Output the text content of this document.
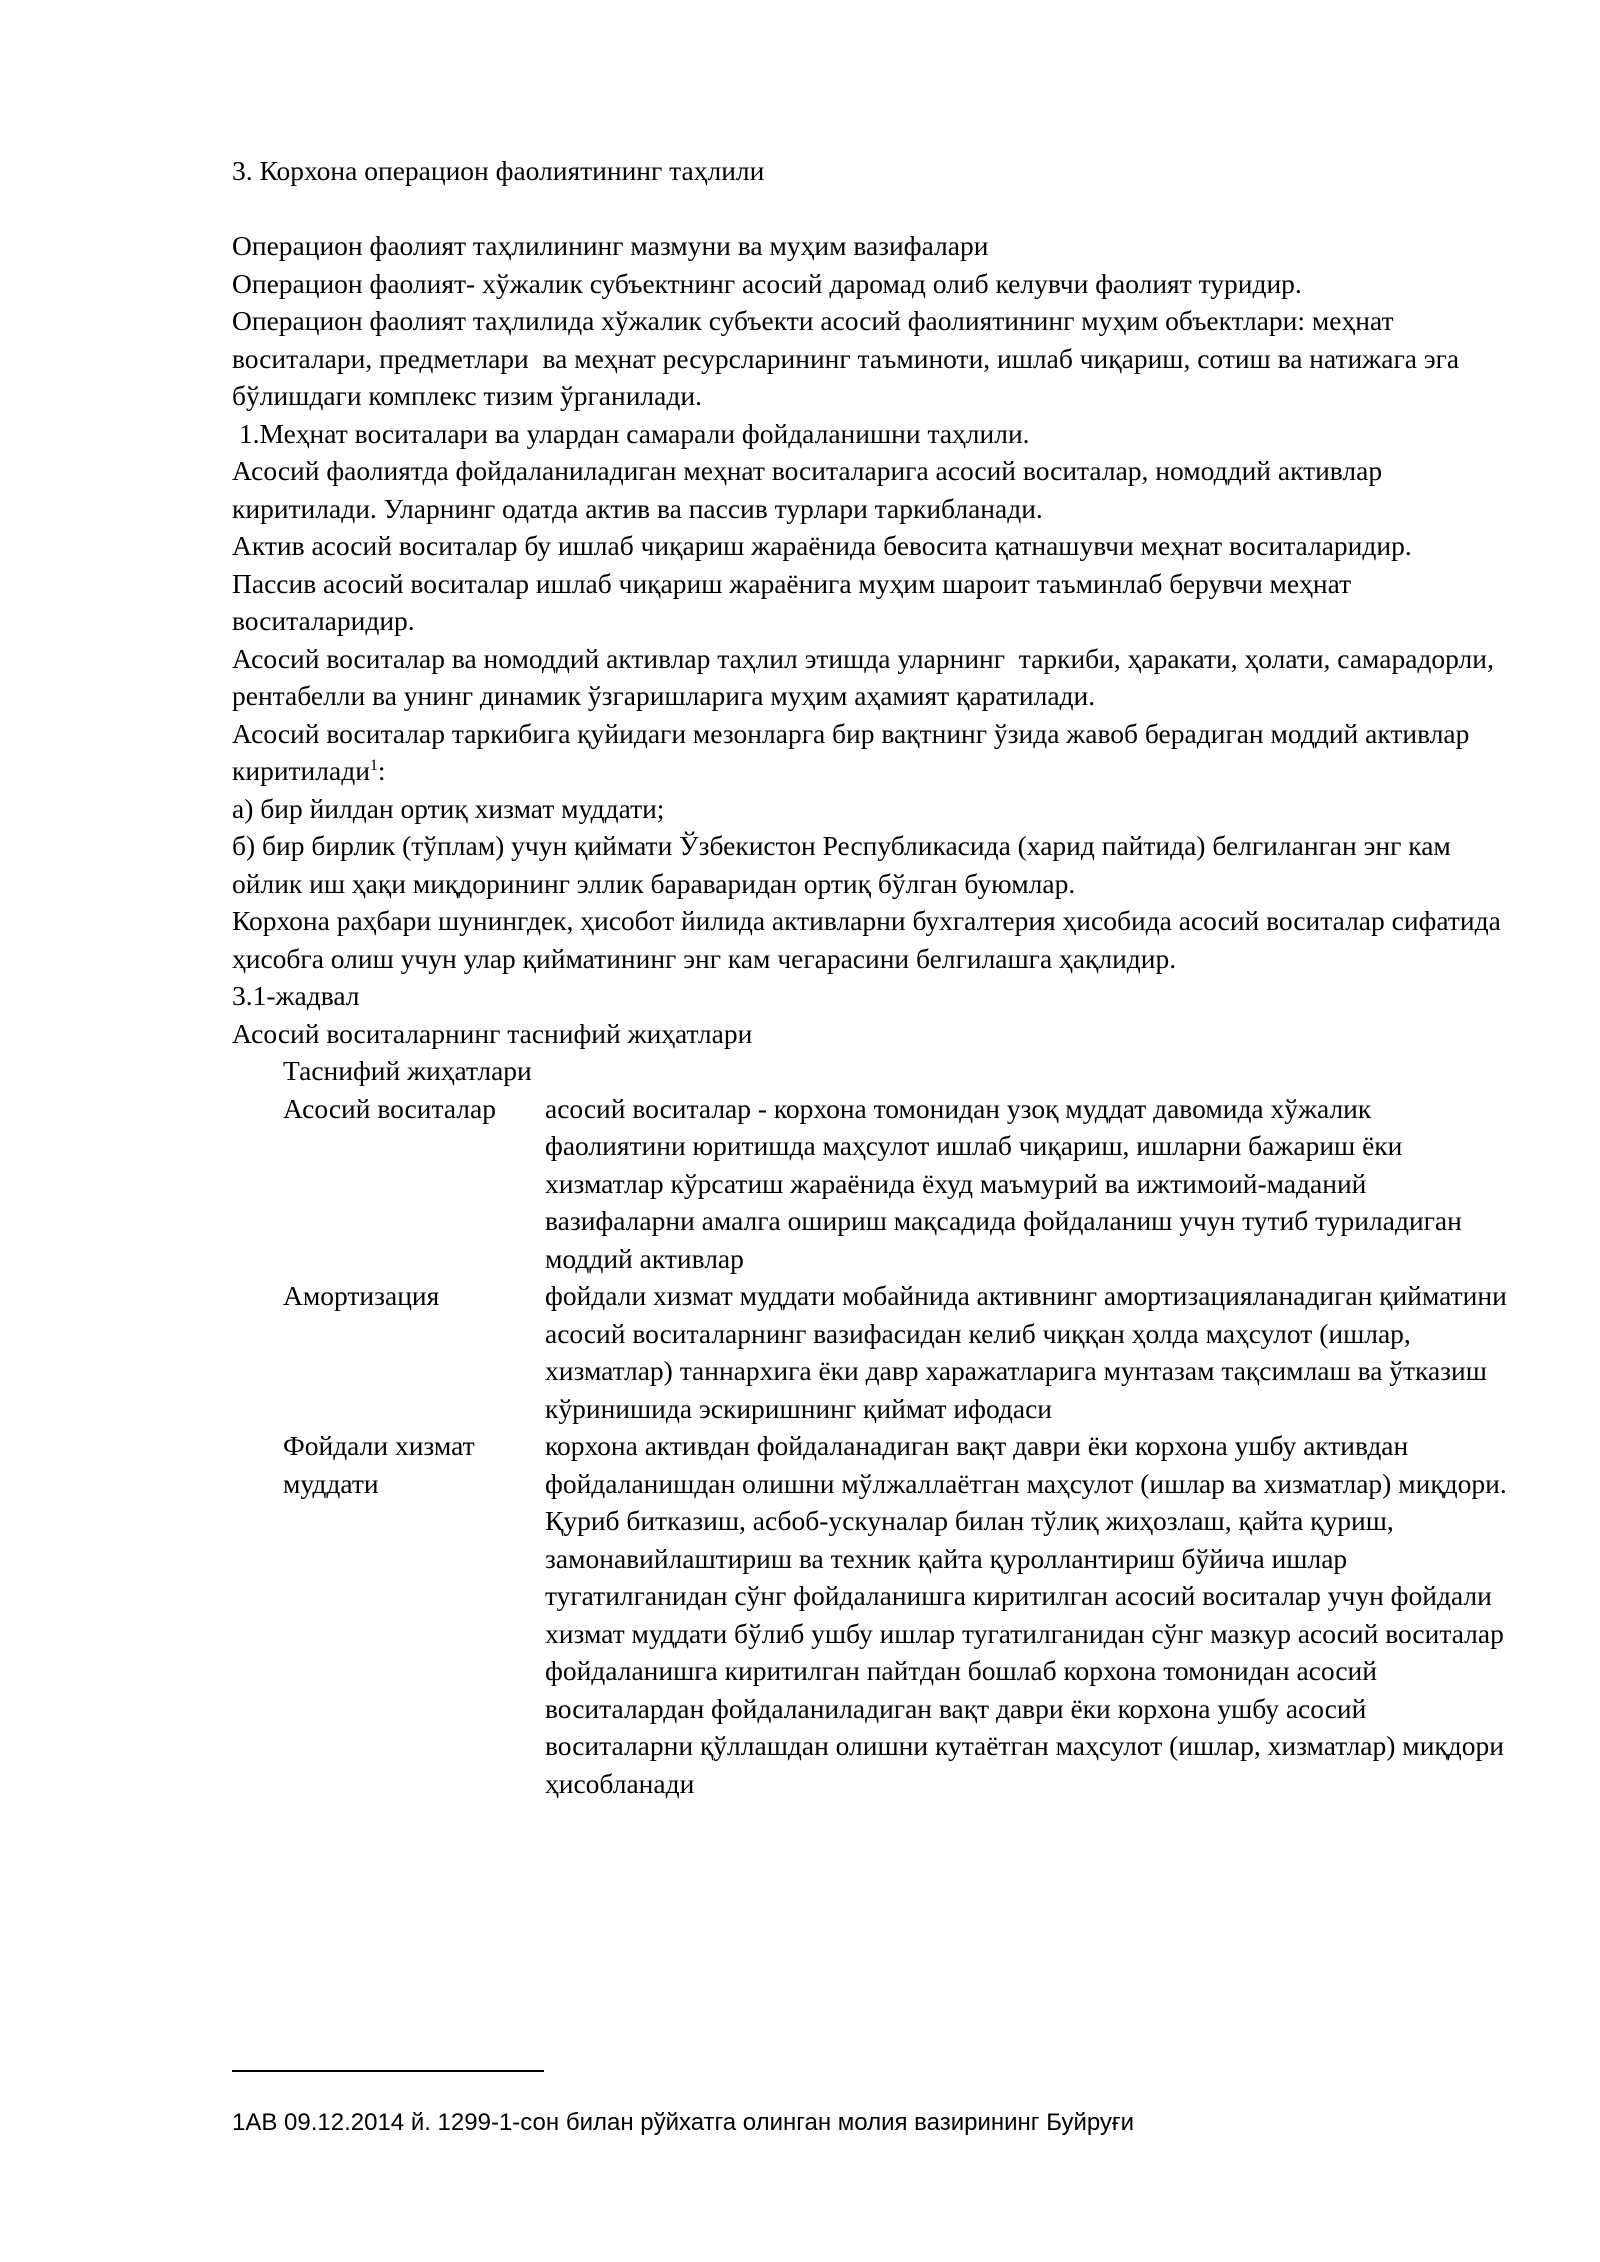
3. Корхона операцион фаолиятининг таҳлили

Операцион фаолият таҳлилининг мазмуни ва муҳим вазифалари

Операцион фаолият- хўжалик субъектнинг асосий даромад олиб келувчи фаолият туридир.

Операцион фаолият таҳлилида хўжалик субъекти асосий фаолиятининг муҳим объектлари: меҳнат воситалари, предметлари  ва меҳнат ресурсларининг таъминоти, ишлаб чиқариш, сотиш ва натижага эга бўлишдаги комплекс тизим ўрганилади.

1.Меҳнат воситалари ва улардан самарали фойдаланишни таҳлили.

Асосий фаолиятда фойдаланиладиган меҳнат воситаларига асосий воситалар, номоддий активлар киритилади. Уларнинг одатда актив ва пассив турлари таркибланади.

Актив асосий воситалар бу ишлаб чиқариш жараёнида бевосита қатнашувчи меҳнат воситаларидир.

Пассив асосий воситалар ишлаб чиқариш жараёнига муҳим шароит таъминлаб берувчи меҳнат воситаларидир.

Асосий воситалар ва номоддий активлар таҳлил этишда уларнинг  таркиби, ҳаракати, ҳолати, самарадорли, рентабелли ва унинг динамик ўзгаришларига муҳим аҳамият қаратилади.

Асосий воситалар таркибига қуйидаги мезонларга бир вақтнинг ўзида жавоб берадиган моддий активлар киритилади$^1$:

а) бир йилдан ортиқ хизмат муддати;

б) бир бирлик (тўплам) учун қиймати Ўзбекистон Республикасида (харид пайтида) белгиланган энг кам ойлик иш ҳақи миқдорининг эллик бараваридан ортиқ бўлган буюмлар.

Корхона раҳбари шунингдек, ҳисобот йилида активларни бухгалтерия ҳисобида асосий воситалар сифатида ҳисобга олиш учун улар қийматининг энг кам чегарасини белгилашга ҳақлидир.

3.1-жадвал

Асосий воситаларнинг таснифий жиҳатлари

Таснифий жиҳатлари

Асосий воситалар	асосий воситалар - корхона томонидан узоқ муддат давомида хўжалик фаолиятини юритишда маҳсулот ишлаб чиқариш, ишларни бажариш ёки хизматлар кўрсатиш жараёнида ёхуд маъмурий ва ижтимоий-маданий вазифаларни амалга ошириш мақсадида фойдаланиш учун тутиб туриладиган моддий активлар

Амортизация	фойдали хизмат муддати мобайнида активнинг амортизацияланадиган қийматини асосий воситаларнинг вазифасидан келиб чиққан ҳолда маҳсулот (ишлар, хизматлар) таннархига ёки давр харажатларига мунтазам тақсимлаш ва ўтказиш кўринишида эскиришнинг қиймат ифодаси

Фойдали хизмат муддати

корхона активдан фойдаланадиган вақт даври ёки корхона ушбу активдан фойдаланишдан олишни мўлжаллаётган маҳсулот (ишлар ва хизматлар) миқдори. Қуриб битказиш, асбоб-ускуналар билан тўлиқ жиҳозлаш, қайта қуриш, замонавийлаштириш ва техник қайта қуроллантириш бўйича ишлар тугатилганидан сўнг фойдаланишга киритилган асосий воситалар учун фойдали хизмат муддати бўлиб ушбу ишлар тугатилганидан сўнг мазкур асосий воситалар фойдаланишга киритилган пайтдан бошлаб корхона томонидан асосий воситалардан фойдаланиладиган вақт даври ёки корхона ушбу асосий воситаларни қўллашдан олишни кутаётган маҳсулот (ишлар, хизматлар) миқдори ҳисобланади

1АВ 09.12.2014 й. 1299-1-сон билан рўйхатга олинган молия вазирининг Буйруғи
